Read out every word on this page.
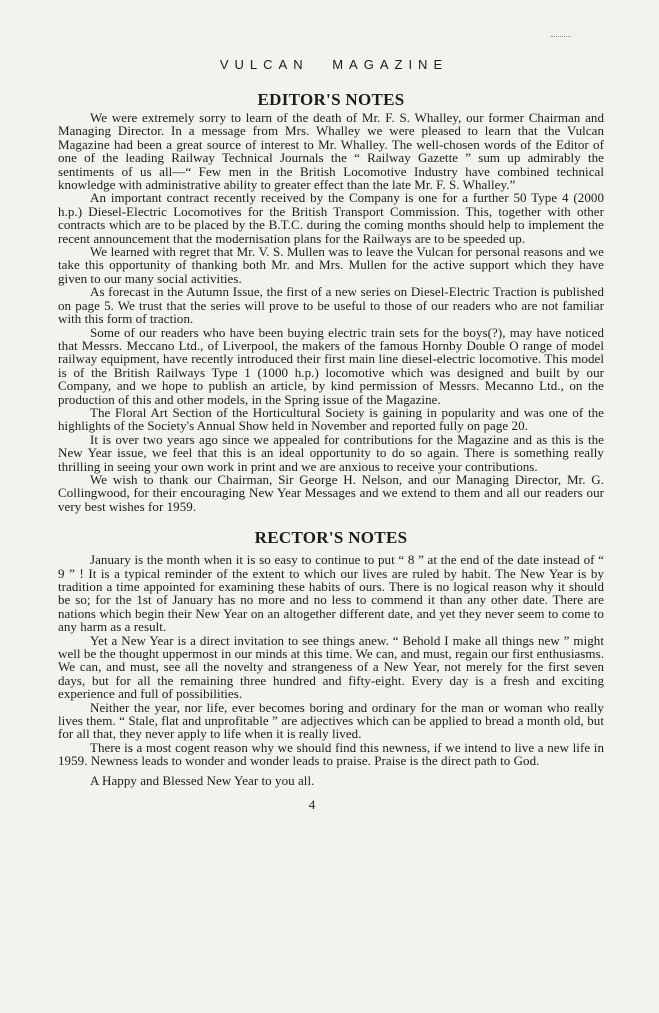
VULCAN MAGAZINE
EDITOR'S NOTES

We were extremely sorry to learn of the death of Mr. F. S. Whalley, our former Chairman and Managing Director. In a message from Mrs. Whalley we were pleased to learn that the Vulcan Magazine had been a great source of interest to Mr. Whalley. The well-chosen words of the Editor of one of the leading Railway Technical Journals the “ Railway Gazette ” sum up admirably the sentiments of us all—“ Few men in the British Locomotive Industry have combined technical knowledge with administrative ability to greater effect than the late Mr. F. S. Whalley.”

An important contract recently received by the Company is one for a further 50 Type 4 (2000 h.p.) Diesel-Electric Locomotives for the British Transport Commission. This, together with other contracts which are to be placed by the B.T.C. during the coming months should help to implement the recent announcement that the modernisation plans for the Railways are to be speeded up.

We learned with regret that Mr. V. S. Mullen was to leave the Vulcan for personal reasons and we take this opportunity of thanking both Mr. and Mrs. Mullen for the active support which they have given to our many social activities.

As forecast in the Autumn Issue, the first of a new series on Diesel-Electric Traction is published on page 5. We trust that the series will prove to be useful to those of our readers who are not familiar with this form of traction.

Some of our readers who have been buying electric train sets for the boys(?), may have noticed that Messrs. Meccano Ltd., of Liverpool, the makers of the famous Hornby Double O range of model railway equipment, have recently introduced their first main line diesel-electric locomotive. This model is of the British Railways Type 1 (1000 h.p.) locomotive which was designed and built by our Company, and we hope to publish an article, by kind permission of Messrs. Mecanno Ltd., on the production of this and other models, in the Spring issue of the Magazine.

The Floral Art Section of the Horticultural Society is gaining in popularity and was one of the highlights of the Society's Annual Show held in November and reported fully on page 20.

It is over two years ago since we appealed for contributions for the Magazine and as this is the New Year issue, we feel that this is an ideal opportunity to do so again. There is something really thrilling in seeing your own work in print and we are anxious to receive your contributions.

We wish to thank our Chairman, Sir George H. Nelson, and our Managing Director, Mr. G. Collingwood, for their encouraging New Year Messages and we extend to them and all our readers our very best wishes for 1959.

RECTOR'S NOTES

January is the month when it is so easy to continue to put “ 8 ” at the end of the date instead of “ 9 ” ! It is a typical reminder of the extent to which our lives are ruled by habit. The New Year is by tradition a time appointed for examining these habits of ours. There is no logical reason why it should be so; for the 1st of January has no more and no less to commend it than any other date. There are nations which begin their New Year on an altogether different date, and yet they never seem to come to any harm as a result.

Yet a New Year is a direct invitation to see things anew. “ Behold I make all things new ” might well be the thought uppermost in our minds at this time. We can, and must, regain our first enthusiasms. We can, and must, see all the novelty and strangeness of a New Year, not merely for the first seven days, but for all the remaining three hundred and fifty-eight. Every day is a fresh and exciting experience and full of possibilities.

Neither the year, nor life, ever becomes boring and ordinary for the man or woman who really lives them. “ Stale, flat and unprofitable ” are adjectives which can be applied to bread a month old, but for all that, they never apply to life when it is really lived.

There is a most cogent reason why we should find this newness, if we intend to live a new life in 1959. Newness leads to wonder and wonder leads to praise. Praise is the direct path to God.

A Happy and Blessed New Year to you all.

4
